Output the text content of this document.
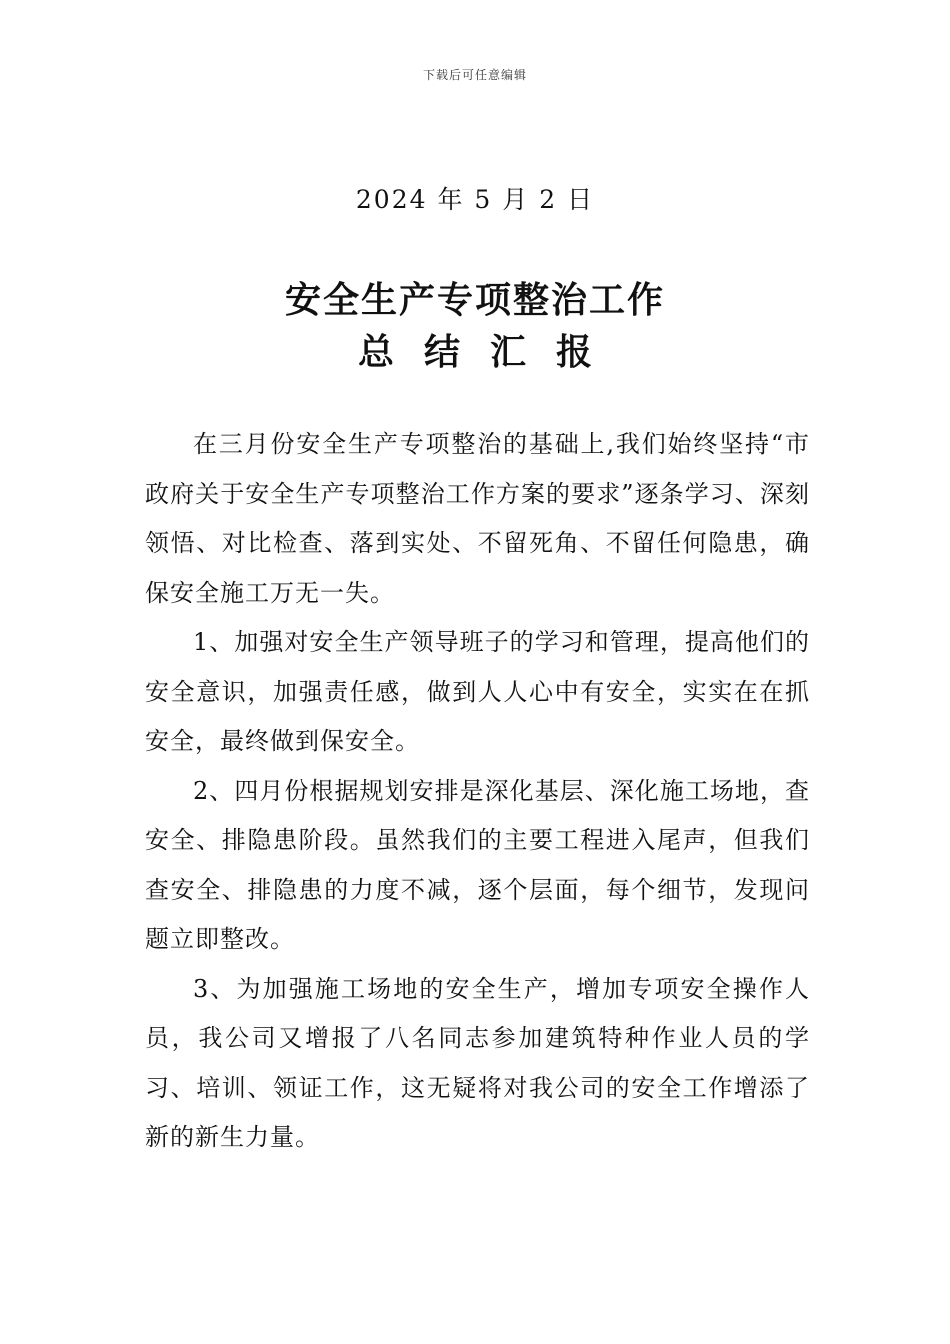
下载后可任意编辑
2024 年 5 月 2 日
安全生产专项整治工作
总结汇报

在三月份安全生产专项整治的基础上,我们始终坚持“市政府关于安全生产专项整治工作方案的要求”逐条学习、深刻领悟、对比检查、落到实处、不留死角、不留任何隐患，确保安全施工万无一失。

1、加强对安全生产领导班子的学习和管理，提高他们的安全意识，加强责任感，做到人人心中有安全，实实在在抓安全，最终做到保安全。

2、四月份根据规划安排是深化基层、深化施工场地，查安全、排隐患阶段。虽然我们的主要工程进入尾声，但我们查安全、排隐患的力度不减，逐个层面，每个细节，发现问题立即整改。

3、为加强施工场地的安全生产，增加专项安全操作人员，我公司又增报了八名同志参加建筑特种作业人员的学习、培训、领证工作，这无疑将对我公司的安全工作增添了新的新生力量。
